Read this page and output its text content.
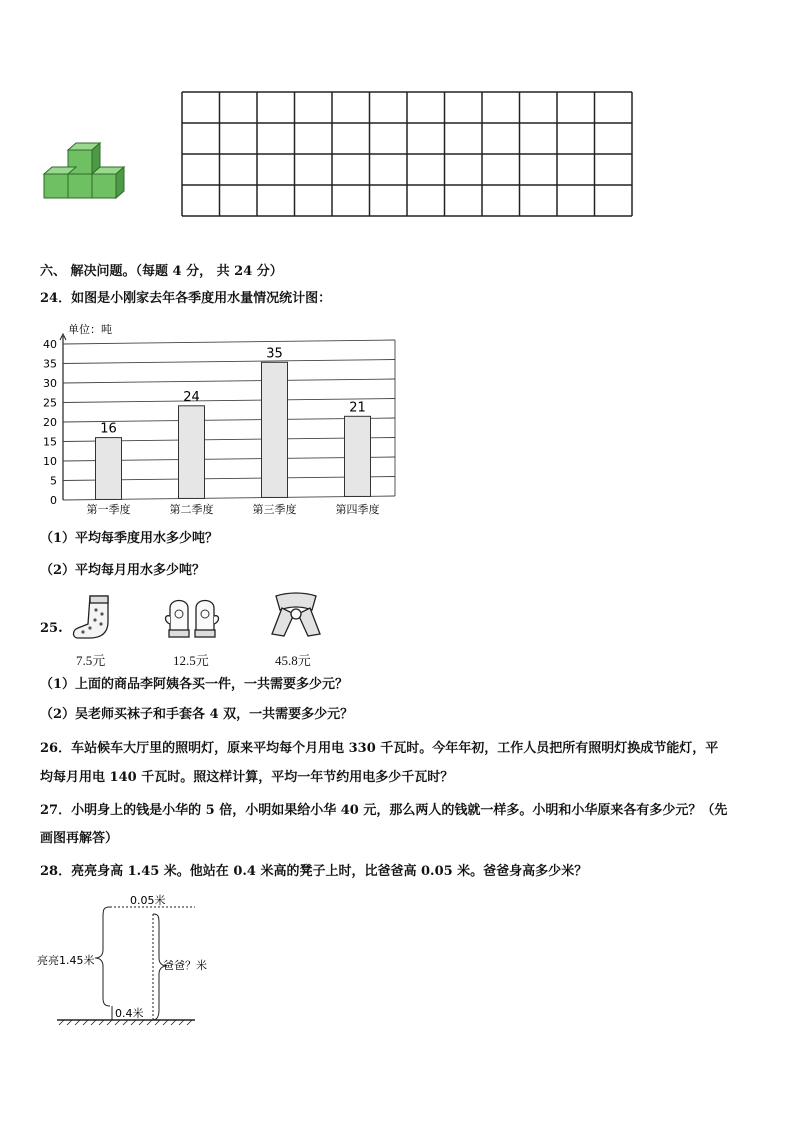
六、 解决问题。（每题 4 分， 共 24 分）
24．如图是小刚家去年各季度用水量情况统计图：
单位：吨
0
5
10
15
20
25
30
35
40
16
24
35
21
第一季度	第二季度	第三季度	第四季度
（1）平均每季度用水多少吨？
（2）平均每月用水多少吨？
25.
7.5元	12.5元	45.8元
（1）上面的商品李阿姨各买一件，一共需要多少元？
（2）吴老师买袜子和手套各 4 双，一共需要多少元？
26．车站候车大厅里的照明灯，原来平均每个月用电 330 千瓦时。今年年初，工作人员把所有照明灯换成节能灯，平
均每月用电 140 千瓦时。照这样计算，平均一年节约用电多少千瓦时？
27．小明身上的钱是小华的 5 倍，小明如果给小华 40 元，那么两人的钱就一样多。小明和小华原来各有多少元？（先
画图再解答）
28．亮亮身高 1.45 米。他站在 0.4 米高的凳子上时，比爸爸高 0.05 米。爸爸身高多少米？
0.05米
亮亮1.45米	爸爸？米
0.4米
